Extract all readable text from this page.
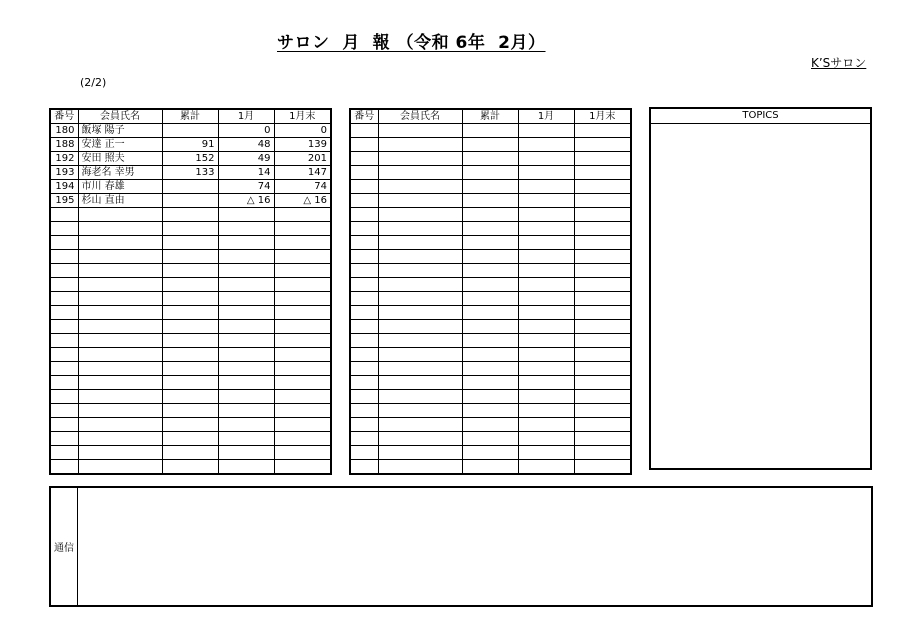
サロン  月  報 （令和 6年  2月）
K’Sサロン
(2/2)
番号	会員氏名	累計	1月	1月末
180	飯塚 陽子		0	0
188	安達 正一	91	48	139
192	安田 照夫	152	49	201
193	海老名 幸男	133	14	147
194	市川 春雄		74	74
195	杉山 直由		△ 16	△ 16

番号	会員氏名	累計	1月	1月末

					TOPICS
通信
